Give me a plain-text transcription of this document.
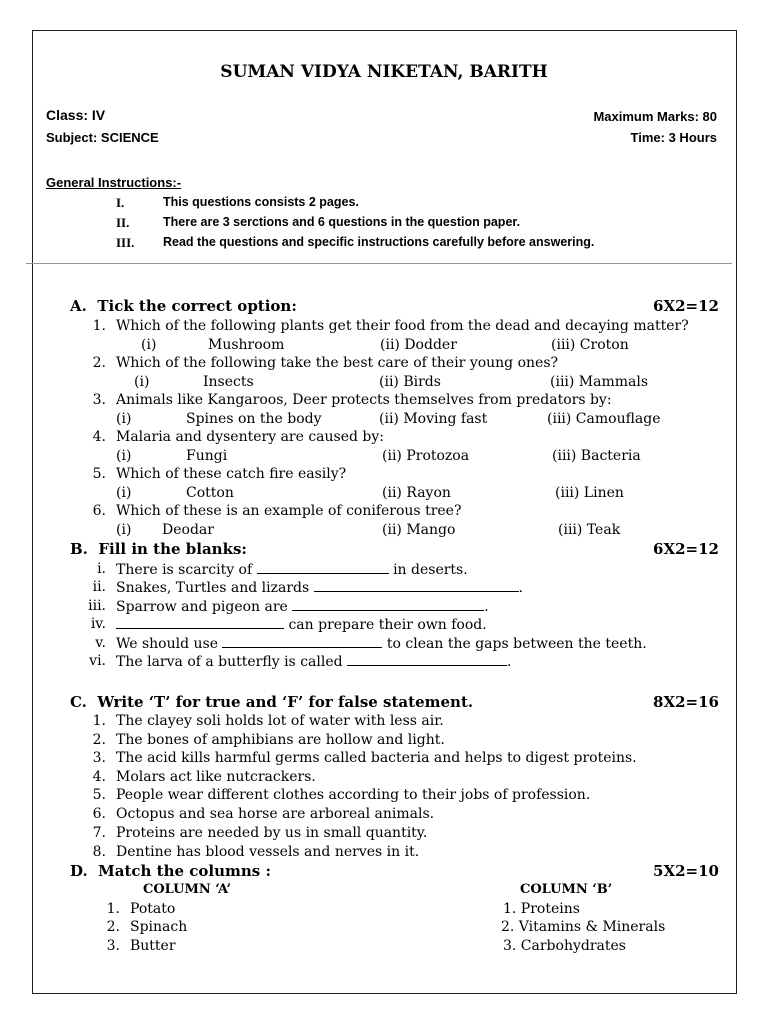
SUMAN VIDYA NIKETAN, BARITH
Class: IV
Subject: SCIENCE
Maximum Marks: 80
Time: 3 Hours
General Instructions:-
I.	This questions consists 2 pages.
II.	There are 3 serctions and 6 questions in the question paper.
III. Read the questions and specific instructions carefully before answering.
A. Tick the correct option:	6X2=12
1. Which of the following plants get their food from the dead and decaying matter?
(i)	Mushroom	(ii) Dodder	(iii) Croton
2. Which of the following take the best care of their young ones?
(i)	Insects	(ii) Birds	(iii) Mammals
3. Animals like Kangaroos, Deer protects themselves from predators by:
(i)	Spines on the body	(ii) Moving fast	(iii) Camouflage
4. Malaria and dysentery are caused by:
(i)	Fungi	(ii) Protozoa	(iii) Bacteria
5. Which of these catch fire easily?
(i)	Cotton	(ii) Rayon	(iii) Linen
6. Which of these is an example of coniferous tree?
(i) Deodar	(ii) Mango	(iii) Teak
B. Fill in the blanks:	6X2=12
i. There is scarcity of	in deserts.
ii. Snakes, Turtles and lizards	.
iii. Sparrow and pigeon are	.
iv.	can prepare their own food.
v. We should use	to clean the gaps between the teeth.
vi. The larva of a butterfly is called	.
C. Write ‘T’ for true and ‘F’ for false statement.	8X2=16
1. The clayey soli holds lot of water with less air.
2. The bones of amphibians are hollow and light.
3. The acid kills harmful germs called bacteria and helps to digest proteins.
4. Molars act like nutcrackers.
5. People wear different clothes according to their jobs of profession.
6. Octopus and sea horse are arboreal animals.
7. Proteins are needed by us in small quantity.
8. Dentine has blood vessels and nerves in it.
D. Match the columns :	5X2=10
COLUMN ‘A’	COLUMN ‘B’
1. Potato	1. Proteins
2. Spinach	2. Vitamins & Minerals
3. Butter	3. Carbohydrates
